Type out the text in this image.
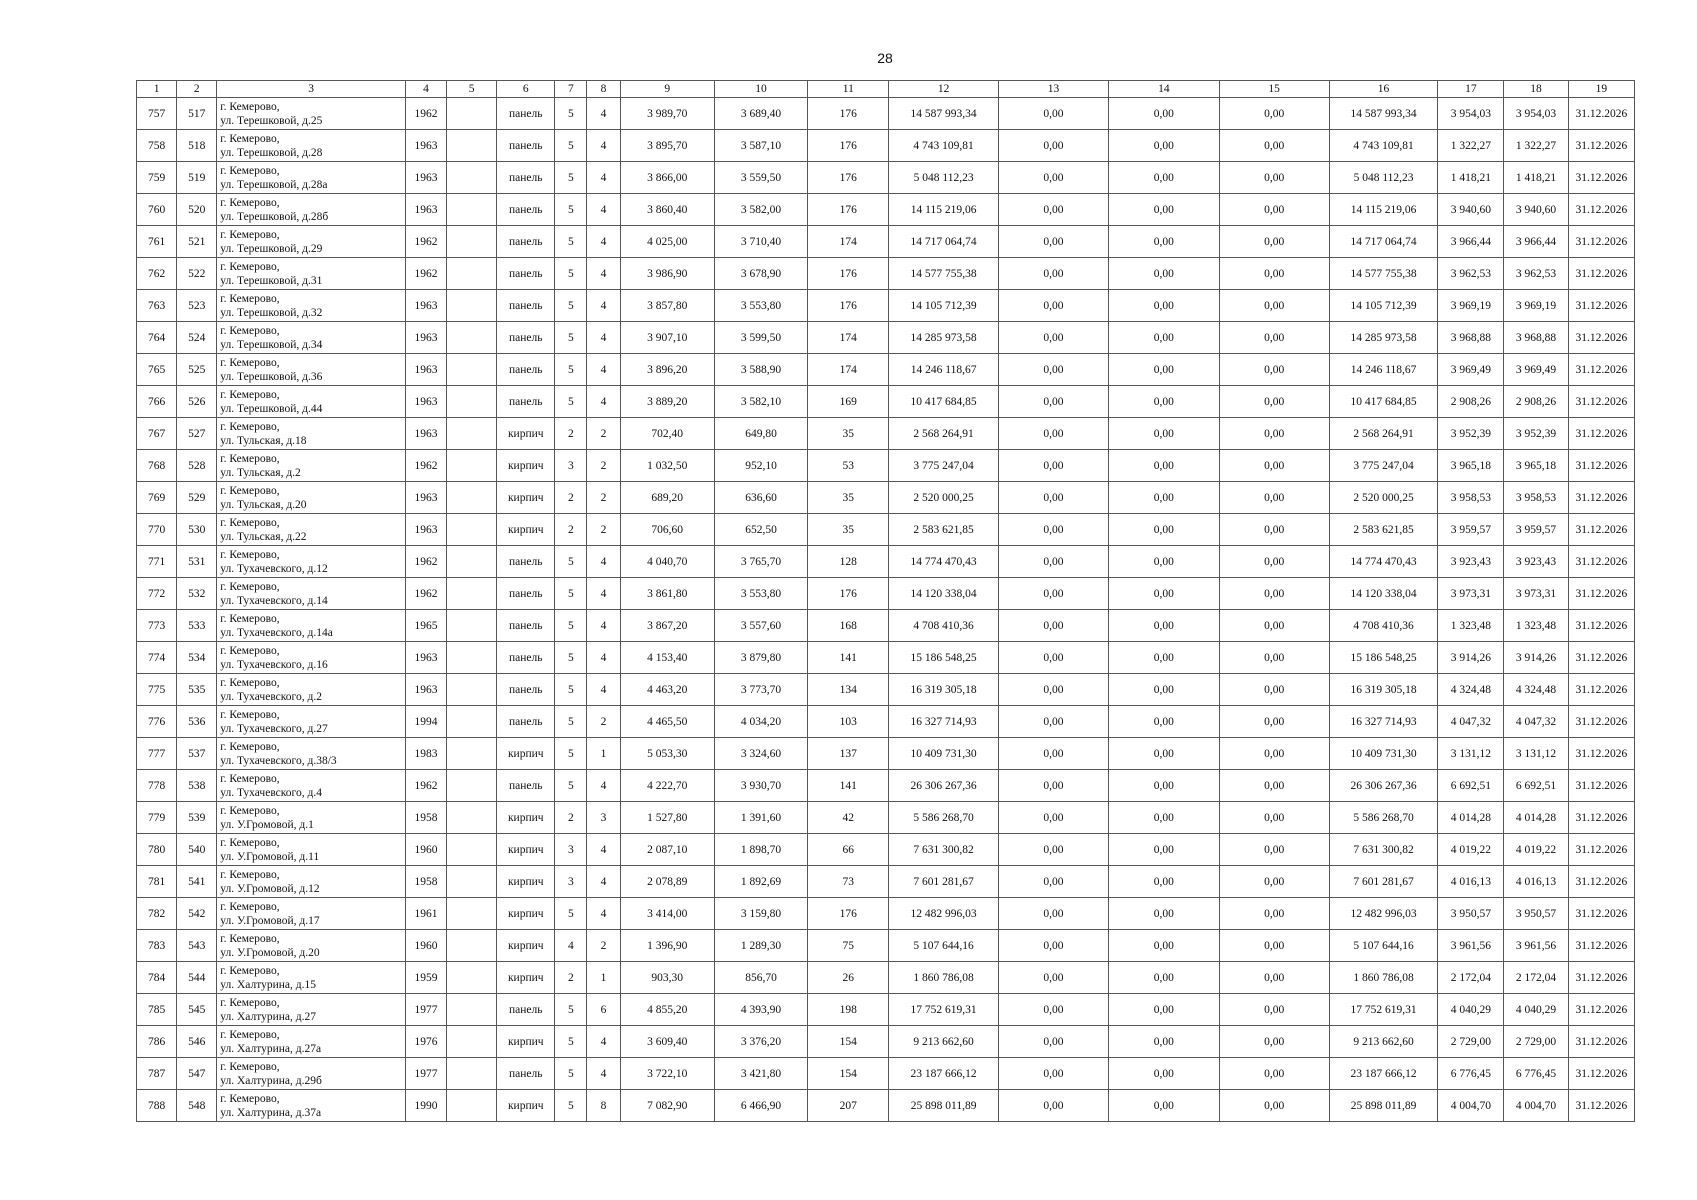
28
1	2	3	4	5	6	7	8	9	10	11	12	13	14	15	16	17	18	19
757	517	г. Кемерово,
ул. Терешковой, д.25	1962		панель	5	4	3 989,70	3 689,40	176	14 587 993,34	0,00	0,00	0,00	14 587 993,34	3 954,03	3 954,03	31.12.2026
758	518	г. Кемерово,
ул. Терешковой, д.28	1963		панель	5	4	3 895,70	3 587,10	176	4 743 109,81	0,00	0,00	0,00	4 743 109,81	1 322,27	1 322,27	31.12.2026
759	519	г. Кемерово,
ул. Терешковой, д.28а	1963		панель	5	4	3 866,00	3 559,50	176	5 048 112,23	0,00	0,00	0,00	5 048 112,23	1 418,21	1 418,21	31.12.2026
760	520	г. Кемерово,
ул. Терешковой, д.28б	1963		панель	5	4	3 860,40	3 582,00	176	14 115 219,06	0,00	0,00	0,00	14 115 219,06	3 940,60	3 940,60	31.12.2026
761	521	г. Кемерово,
ул. Терешковой, д.29	1962		панель	5	4	4 025,00	3 710,40	174	14 717 064,74	0,00	0,00	0,00	14 717 064,74	3 966,44	3 966,44	31.12.2026
762	522	г. Кемерово,
ул. Терешковой, д.31	1962		панель	5	4	3 986,90	3 678,90	176	14 577 755,38	0,00	0,00	0,00	14 577 755,38	3 962,53	3 962,53	31.12.2026
763	523	г. Кемерово,
ул. Терешковой, д.32	1963		панель	5	4	3 857,80	3 553,80	176	14 105 712,39	0,00	0,00	0,00	14 105 712,39	3 969,19	3 969,19	31.12.2026
764	524	г. Кемерово,
ул. Терешковой, д.34	1963		панель	5	4	3 907,10	3 599,50	174	14 285 973,58	0,00	0,00	0,00	14 285 973,58	3 968,88	3 968,88	31.12.2026
765	525	г. Кемерово,
ул. Терешковой, д.36	1963		панель	5	4	3 896,20	3 588,90	174	14 246 118,67	0,00	0,00	0,00	14 246 118,67	3 969,49	3 969,49	31.12.2026
766	526	г. Кемерово,
ул. Терешковой, д.44	1963		панель	5	4	3 889,20	3 582,10	169	10 417 684,85	0,00	0,00	0,00	10 417 684,85	2 908,26	2 908,26	31.12.2026
767	527	г. Кемерово,
ул. Тульская, д.18	1963		кирпич	2	2	702,40	649,80	35	2 568 264,91	0,00	0,00	0,00	2 568 264,91	3 952,39	3 952,39	31.12.2026
768	528	г. Кемерово,
ул. Тульская, д.2	1962		кирпич	3	2	1 032,50	952,10	53	3 775 247,04	0,00	0,00	0,00	3 775 247,04	3 965,18	3 965,18	31.12.2026
769	529	г. Кемерово,
ул. Тульская, д.20	1963		кирпич	2	2	689,20	636,60	35	2 520 000,25	0,00	0,00	0,00	2 520 000,25	3 958,53	3 958,53	31.12.2026
770	530	г. Кемерово,
ул. Тульская, д.22	1963		кирпич	2	2	706,60	652,50	35	2 583 621,85	0,00	0,00	0,00	2 583 621,85	3 959,57	3 959,57	31.12.2026
771	531	г. Кемерово,
ул. Тухачевского, д.12	1962		панель	5	4	4 040,70	3 765,70	128	14 774 470,43	0,00	0,00	0,00	14 774 470,43	3 923,43	3 923,43	31.12.2026
772	532	г. Кемерово,
ул. Тухачевского, д.14	1962		панель	5	4	3 861,80	3 553,80	176	14 120 338,04	0,00	0,00	0,00	14 120 338,04	3 973,31	3 973,31	31.12.2026
773	533	г. Кемерово,
ул. Тухачевского, д.14а	1965		панель	5	4	3 867,20	3 557,60	168	4 708 410,36	0,00	0,00	0,00	4 708 410,36	1 323,48	1 323,48	31.12.2026
774	534	г. Кемерово,
ул. Тухачевского, д.16	1963		панель	5	4	4 153,40	3 879,80	141	15 186 548,25	0,00	0,00	0,00	15 186 548,25	3 914,26	3 914,26	31.12.2026
775	535	г. Кемерово,
ул. Тухачевского, д.2	1963		панель	5	4	4 463,20	3 773,70	134	16 319 305,18	0,00	0,00	0,00	16 319 305,18	4 324,48	4 324,48	31.12.2026
776	536	г. Кемерово,
ул. Тухачевского, д.27	1994		панель	5	2	4 465,50	4 034,20	103	16 327 714,93	0,00	0,00	0,00	16 327 714,93	4 047,32	4 047,32	31.12.2026
777	537	г. Кемерово,
ул. Тухачевского, д.38/3	1983		кирпич	5	1	5 053,30	3 324,60	137	10 409 731,30	0,00	0,00	0,00	10 409 731,30	3 131,12	3 131,12	31.12.2026
778	538	г. Кемерово,
ул. Тухачевского, д.4	1962		панель	5	4	4 222,70	3 930,70	141	26 306 267,36	0,00	0,00	0,00	26 306 267,36	6 692,51	6 692,51	31.12.2026
779	539	г. Кемерово,
ул. У.Громовой, д.1	1958		кирпич	2	3	1 527,80	1 391,60	42	5 586 268,70	0,00	0,00	0,00	5 586 268,70	4 014,28	4 014,28	31.12.2026
780	540	г. Кемерово,
ул. У.Громовой, д.11	1960		кирпич	3	4	2 087,10	1 898,70	66	7 631 300,82	0,00	0,00	0,00	7 631 300,82	4 019,22	4 019,22	31.12.2026
781	541	г. Кемерово,
ул. У.Громовой, д.12	1958		кирпич	3	4	2 078,89	1 892,69	73	7 601 281,67	0,00	0,00	0,00	7 601 281,67	4 016,13	4 016,13	31.12.2026
782	542	г. Кемерово,
ул. У.Громовой, д.17	1961		кирпич	5	4	3 414,00	3 159,80	176	12 482 996,03	0,00	0,00	0,00	12 482 996,03	3 950,57	3 950,57	31.12.2026
783	543	г. Кемерово,
ул. У.Громовой, д.20	1960		кирпич	4	2	1 396,90	1 289,30	75	5 107 644,16	0,00	0,00	0,00	5 107 644,16	3 961,56	3 961,56	31.12.2026
784	544	г. Кемерово,
ул. Халтурина, д.15	1959		кирпич	2	1	903,30	856,70	26	1 860 786,08	0,00	0,00	0,00	1 860 786,08	2 172,04	2 172,04	31.12.2026
785	545	г. Кемерово,
ул. Халтурина, д.27	1977		панель	5	6	4 855,20	4 393,90	198	17 752 619,31	0,00	0,00	0,00	17 752 619,31	4 040,29	4 040,29	31.12.2026
786	546	г. Кемерово,
ул. Халтурина, д.27а	1976		кирпич	5	4	3 609,40	3 376,20	154	9 213 662,60	0,00	0,00	0,00	9 213 662,60	2 729,00	2 729,00	31.12.2026
787	547	г. Кемерово,
ул. Халтурина, д.29б	1977		панель	5	4	3 722,10	3 421,80	154	23 187 666,12	0,00	0,00	0,00	23 187 666,12	6 776,45	6 776,45	31.12.2026
788	548	г. Кемерово,
ул. Халтурина, д.37а	1990		кирпич	5	8	7 082,90	6 466,90	207	25 898 011,89	0,00	0,00	0,00	25 898 011,89	4 004,70	4 004,70	31.12.2026
